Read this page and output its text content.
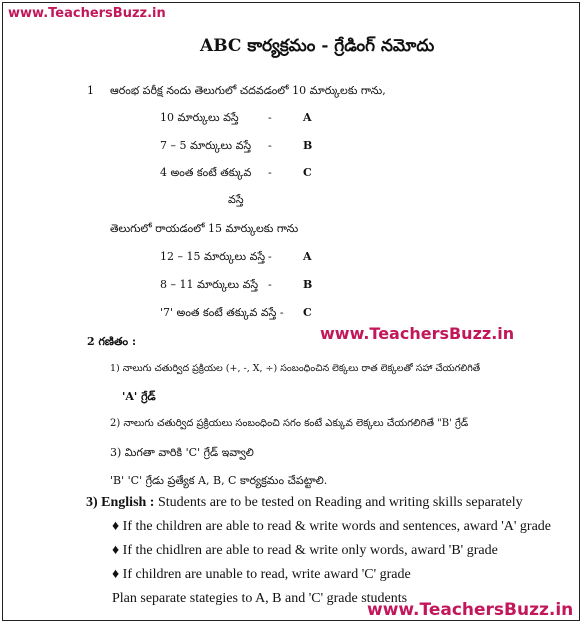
www.TeachersBuzz.in
ABC కార్యక్రమం - గ్రేడింగ్ నమోదు
1 ఆరంభ పరీక్ష నందు తెలుగులో చదవడంలో 10 మార్కులకు గాను,
10 మార్కులు వస్తే	-	A
7 – 5 మార్కులు వస్తే -	B
4 అంత కంటే తక్కువ -	C
వస్తే
తెలుగులో రాయడంలో 15 మార్కులకు గాను
12 – 15 మార్కులు వస్తే -	A
8 – 11 మార్కులు వస్తే -	B
'7' అంత కంటే తక్కువ వస్తే - C
www.TeachersBuzz.in
2 గణితం :
1) నాలుగు చతుర్విద ప్రక్రియల (+, -, X, ÷) సంబంధించిన లెక్కలు రాత లెక్కలతో సహా చేయగలిగితే
'A' గ్రేడ్
2) నాలుగు చతుర్విద ప్రక్రియలు సంబంధించి సగం కంటే ఎక్కువ లెక్కలు చేయగలిగితే "B' గ్రేడ్
3) మిగతా వారికి 'C' గ్రేడ్ ఇవ్వాలి
'B' 'C' గ్రేడు ప్రత్యేక A, B, C కార్యక్రమం చేపట్టాలి.
3) English : Students are to be tested on Reading and writing skills separately
♦ If the children are able to read & write words and sentences, award 'A' grade
♦ If the chidlren are able to read & write only words, award 'B' grade
♦ If children are unable to read, write award 'C' grade
Plan separate stategies to A, B and 'C' grade students
www.TeachersBuzz.in
